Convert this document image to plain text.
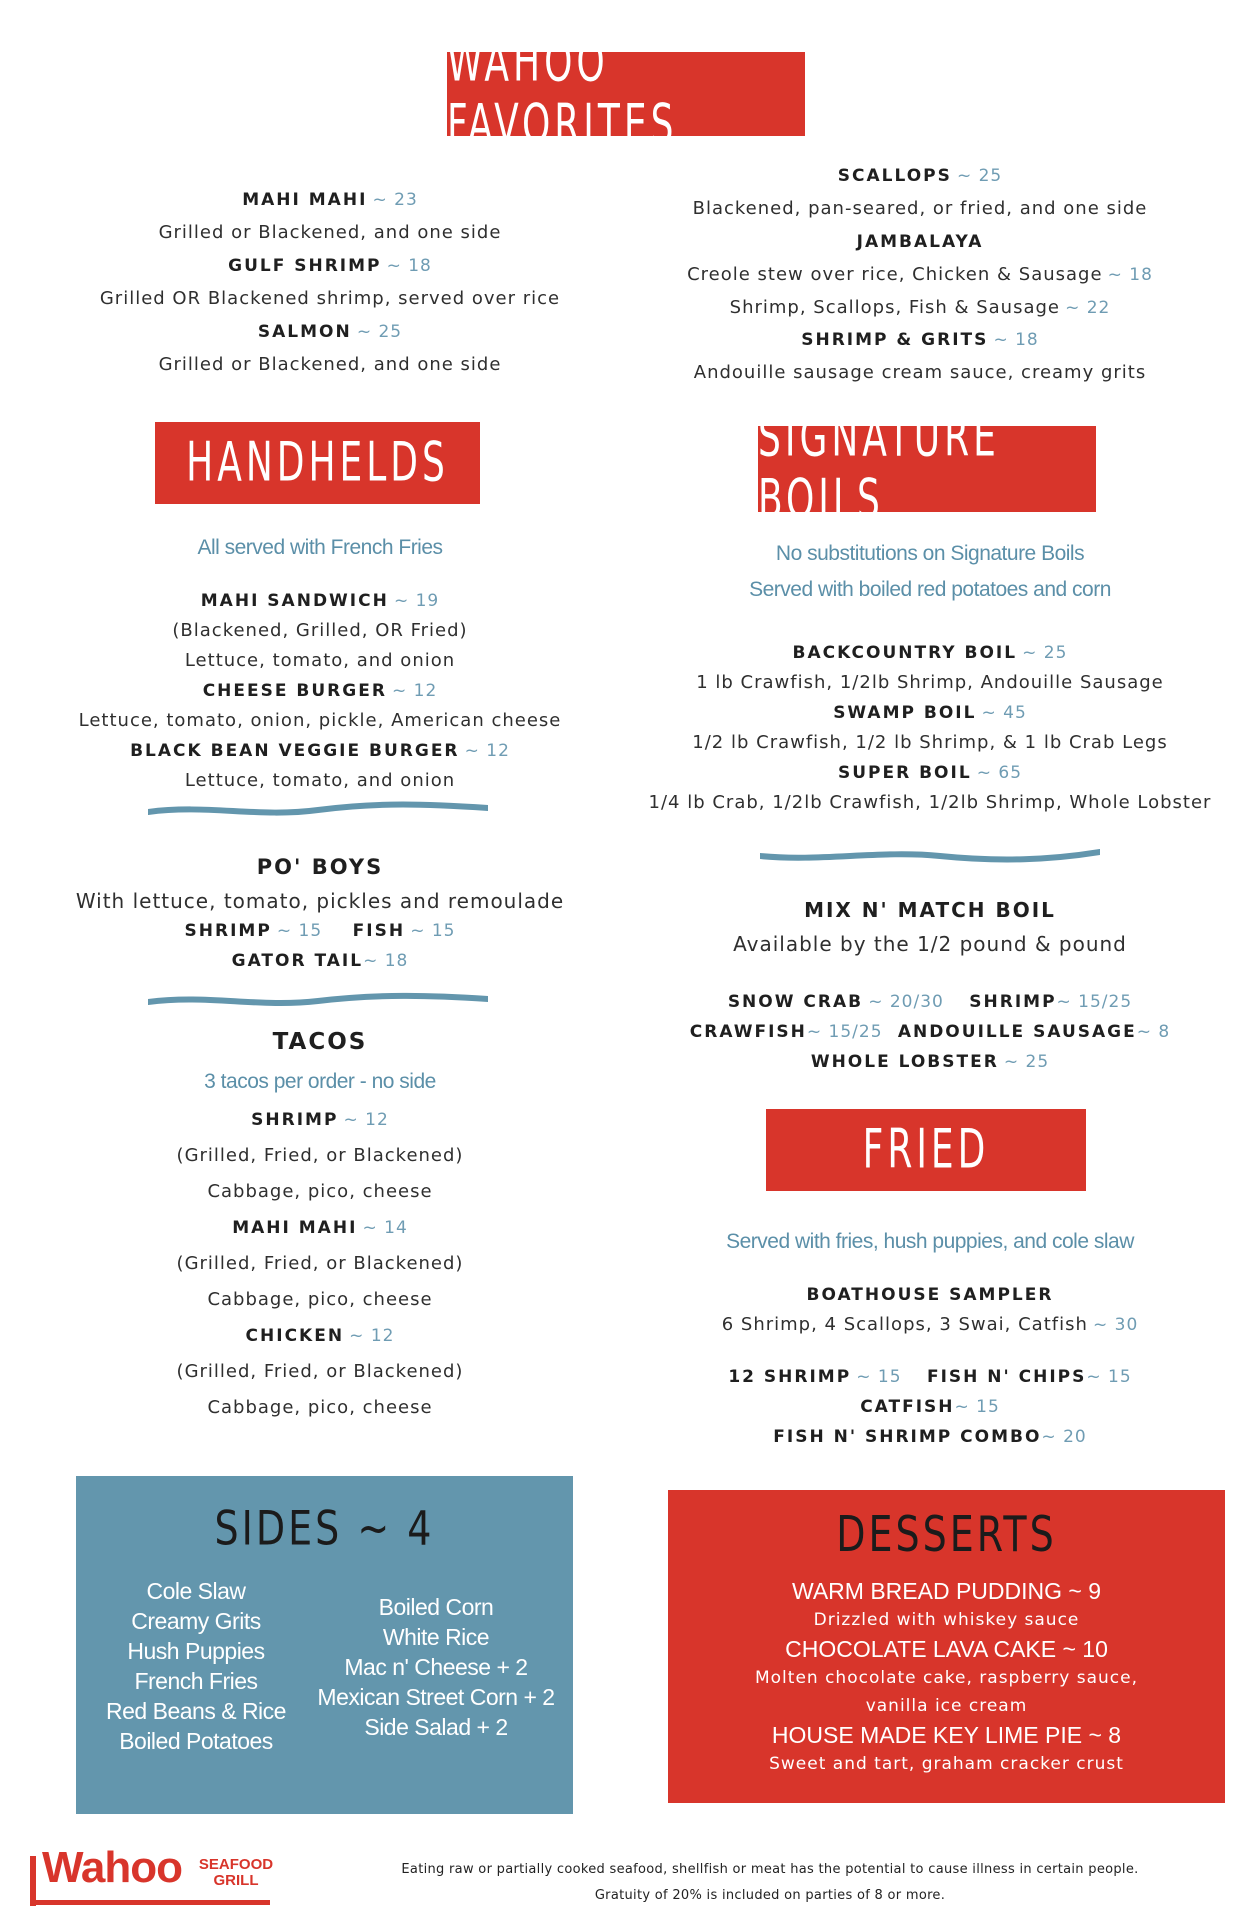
WAHOO FAVORITES
MAHI MAHI ~ 23
Grilled or Blackened, and one side
GULF SHRIMP ~ 18
Grilled OR Blackened shrimp, served over rice
SALMON ~ 25
Grilled or Blackened, and one side
SCALLOPS ~ 25
Blackened, pan-seared, or fried, and one side
JAMBALAYA
Creole stew over rice, Chicken & Sausage ~ 18
Shrimp, Scallops, Fish & Sausage ~ 22
SHRIMP & GRITS ~ 18
Andouille sausage cream sauce, creamy grits
HANDHELDS
All served with French Fries
MAHI SANDWICH ~ 19
(Blackened, Grilled, OR Fried)
Lettuce, tomato, and onion
CHEESE BURGER ~ 12
Lettuce, tomato, onion, pickle, American cheese
BLACK BEAN VEGGIE BURGER ~ 12
Lettuce, tomato, and onion
PO' BOYS
With lettuce, tomato, pickles and remoulade
SHRIMP ~ 15 FISH ~ 15
GATOR TAIL~ 18
TACOS
3 tacos per order - no side
SHRIMP ~ 12
(Grilled, Fried, or Blackened)
Cabbage, pico, cheese
MAHI MAHI ~ 14
(Grilled, Fried, or Blackened)
Cabbage, pico, cheese
CHICKEN ~ 12
(Grilled, Fried, or Blackened)
Cabbage, pico, cheese
SIGNATURE BOILS
No substitutions on Signature Boils
Served with boiled red potatoes and corn
BACKCOUNTRY BOIL ~ 25
1 lb Crawfish, 1/2lb Shrimp, Andouille Sausage
SWAMP BOIL ~ 45
1/2 lb Crawfish, 1/2 lb Shrimp, & 1 lb Crab Legs
SUPER BOIL ~ 65
1/4 lb Crab, 1/2lb Crawfish, 1/2lb Shrimp, Whole Lobster
MIX N' MATCH BOIL
Available by the 1/2 pound & pound
SNOW CRAB ~ 20/30 SHRIMP~ 15/25
CRAWFISH~ 15/25 ANDOUILLE SAUSAGE~ 8
WHOLE LOBSTER ~ 25
FRIED
Served with fries, hush puppies, and cole slaw
BOATHOUSE SAMPLER
6 Shrimp, 4 Scallops, 3 Swai, Catfish ~ 30
12 SHRIMP ~ 15 FISH N' CHIPS~ 15
CATFISH~ 15
FISH N' SHRIMP COMBO~ 20
SIDES ~ 4
Cole Slaw
Creamy Grits
Hush Puppies
French Fries
Red Beans & Rice
Boiled Potatoes
Boiled Corn
White Rice
Mac n' Cheese + 2
Mexican Street Corn + 2
Side Salad + 2
DESSERTS
WARM BREAD PUDDING ~ 9
Drizzled with whiskey sauce
CHOCOLATE LAVA CAKE ~ 10
Molten chocolate cake, raspberry sauce,
vanilla ice cream
HOUSE MADE KEY LIME PIE ~ 8
Sweet and tart, graham cracker crust
Wahoo SEAFOOD
GRILL
Eating raw or partially cooked seafood, shellfish or meat has the potential to cause illness in certain people.
Gratuity of 20% is included on parties of 8 or more.
